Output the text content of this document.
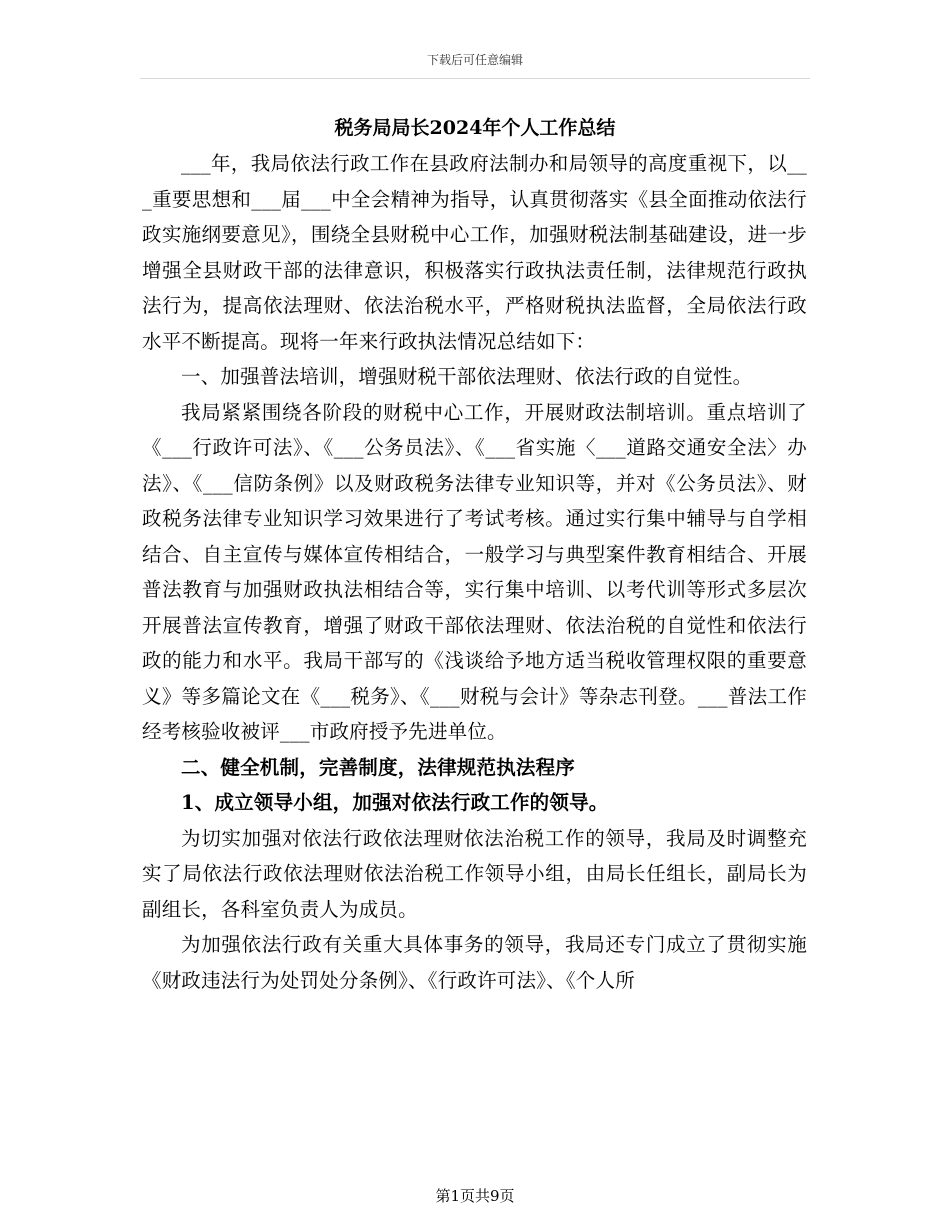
下载后可任意编辑
税务局局长2024年个人工作总结

___年，我局依法行政工作在县政府法制办和局领导的高度重视下，以___重要思想和___届___中全会精神为指导，认真贯彻落实《县全面推动依法行政实施纲要意见》，围绕全县财税中心工作，加强财税法制基础建设，进一步增强全县财政干部的法律意识，积极落实行政执法责任制，法律规范行政执法行为，提高依法理财、依法治税水平，严格财税执法监督，全局依法行政水平不断提高。现将一年来行政执法情况总结如下：

一、加强普法培训，增强财税干部依法理财、依法行政的自觉性。

我局紧紧围绕各阶段的财税中心工作，开展财政法制培训。重点培训了《___行政许可法》、《___公务员法》、《___省实施〈___道路交通安全法〉办法》、《___信防条例》以及财政税务法律专业知识等，并对《公务员法》、财政税务法律专业知识学习效果进行了考试考核。通过实行集中辅导与自学相结合、自主宣传与媒体宣传相结合，一般学习与典型案件教育相结合、开展普法教育与加强财政执法相结合等，实行集中培训、以考代训等形式多层次开展普法宣传教育，增强了财政干部依法理财、依法治税的自觉性和依法行政的能力和水平。我局干部写的《浅谈给予地方适当税收管理权限的重要意义》等多篇论文在《___税务》、《___财税与会计》等杂志刊登。___普法工作经考核验收被评___市政府授予先进单位。

二、健全机制，完善制度，法律规范执法程序

1、成立领导小组，加强对依法行政工作的领导。

为切实加强对依法行政依法理财依法治税工作的领导，我局及时调整充实了局依法行政依法理财依法治税工作领导小组，由局长任组长，副局长为副组长，各科室负责人为成员。

为加强依法行政有关重大具体事务的领导，我局还专门成立了贯彻实施《财政违法行为处罚处分条例》、《行政许可法》、《个人所

第1页共9页
